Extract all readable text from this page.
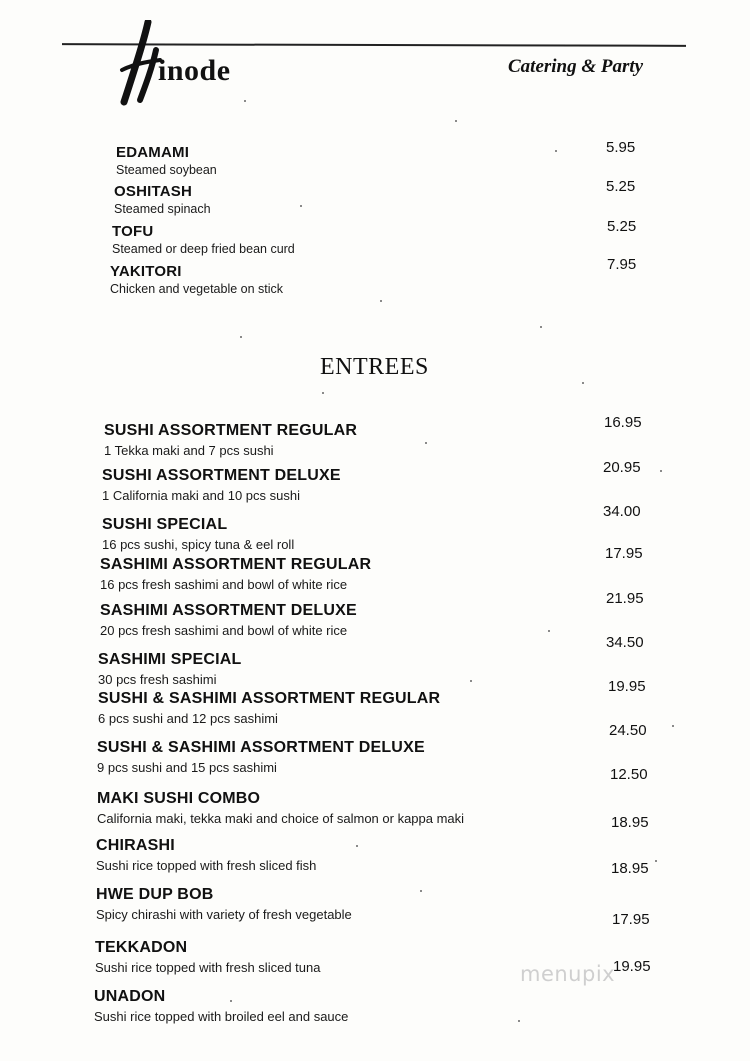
inode	Catering & Party
EDAMAMI
Steamed soybean
5.95
OSHITASH
Steamed spinach
5.25
TOFU
Steamed or deep fried bean curd
5.25
YAKITORI
Chicken and vegetable on stick
7.95
ENTREES
SUSHI ASSORTMENT REGULAR
1 Tekka maki and 7 pcs sushi
16.95
SUSHI ASSORTMENT DELUXE
1 California maki and 10 pcs sushi
20.95
SUSHI SPECIAL
16 pcs sushi, spicy tuna & eel roll
34.00
SASHIMI ASSORTMENT REGULAR
16 pcs fresh sashimi and bowl of white rice
17.95
SASHIMI ASSORTMENT DELUXE
20 pcs fresh sashimi and bowl of white rice
21.95
SASHIMI SPECIAL
30 pcs fresh sashimi
34.50
SUSHI & SASHIMI ASSORTMENT REGULAR
6 pcs sushi and 12 pcs sashimi
19.95
SUSHI & SASHIMI ASSORTMENT DELUXE
9 pcs sushi and 15 pcs sashimi
24.50
MAKI SUSHI COMBO
California maki, tekka maki and choice of salmon or kappa maki
12.50
CHIRASHI
Sushi rice topped with fresh sliced fish
18.95
HWE DUP BOB
Spicy chirashi with variety of fresh vegetable
18.95
TEKKADON
Sushi rice topped with fresh sliced tuna
17.95
UNADON
Sushi rice topped with broiled eel and sauce
19.95
menupix
